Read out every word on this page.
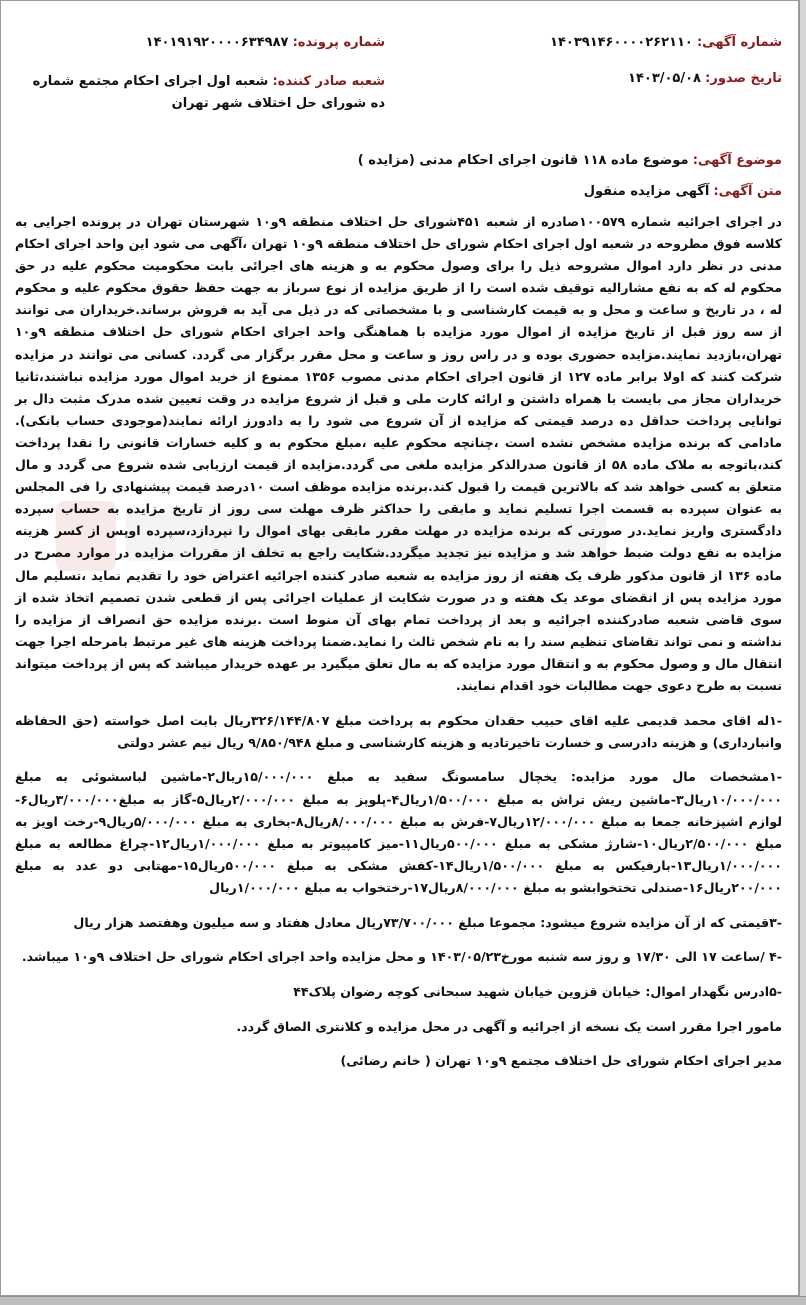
شماره آگهی: ۱۴۰۳۹۱۴۶۰۰۰۰۲۶۲۱۱۰
شماره پرونده: ۱۴۰۱۹۱۹۲۰۰۰۰۶۳۴۹۸۷
تاریخ صدور: ۱۴۰۳/۰۵/۰۸
شعبه صادر کننده: شعبه اول اجرای احکام مجتمع شماره ده شورای حل اختلاف شهر تهران
موضوع آگهی: موضوع ماده ۱۱۸ قانون اجرای احکام مدنی (مزایده )
متن آگهی: آگهی مزایده منقول

در اجرای اجرائیه شماره ۱۰۰۵۷۹صادره از شعبه ۴۵۱شورای حل اختلاف منطقه ۹و۱۰ شهرستان تهران در پرونده اجرایی به کلاسه فوق مطروحه در شعبه اول اجرای احکام شورای حل اختلاف منطقه ۹و۱۰ تهران ،آگهی می شود این واحد اجرای احکام مدنی در نظر دارد اموال مشروحه ذیل را برای وصول محکوم به و هزینه های اجرائی بابت محکومیت محکوم علیه در حق محکوم له که به نفع مشارالیه توقیف شده است را از طریق مزایده از نوع سرباز به جهت حفظ حقوق محکوم علیه و محکوم له ، در تاریخ و ساعت و محل و به قیمت کارشناسی و با مشخصاتی که در ذیل می آید به فروش برساند.خریداران می توانند از سه روز قبل از تاریخ مزایده از اموال مورد مزایده با هماهنگی واحد اجرای احکام شورای حل اختلاف منطقه ۹و۱۰ تهران،بازدید نمایند.مزایده حضوری بوده و در راس روز و ساعت و محل مقرر برگزار می گردد. کسانی می توانند در مزایده شرکت کنند که اولا برابر ماده ۱۲۷ از قانون اجرای احکام مدنی مصوب ۱۳۵۶ ممنوع از خرید اموال مورد مزایده نباشند،ثانیا خریداران مجاز می بایست با همراه داشتن و ارائه کارت ملی و قبل از شروع مزایده در وقت تعیین شده مدرک مثبت دال بر توانایی پرداخت حداقل ده درصد قیمتی که مزایده از آن شروع می شود را به دادورز ارائه نمایند(موجودی حساب بانکی). مادامی که برنده مزایده مشخص نشده است ،چنانچه محکوم علیه ،مبلغ محکوم به و کلیه خسارات قانونی را نقدا پرداخت کند،باتوجه به ملاک ماده ۵۸ از قانون صدرالذکر مزایده ملغی می گردد.مزایده از قیمت ارزیابی شده شروع می گردد و مال متعلق به کسی خواهد شد که بالاترین قیمت را قبول کند.برنده مزایده موظف است ۱۰درصد قیمت پیشنهادی را فی المجلس به عنوان سپرده به قسمت اجرا تسلیم نماید و مابقی را حداکثر ظرف مهلت سی روز از تاریخ مزایده به حساب سپرده دادگستری واریز نماید.در صورتی که برنده مزایده در مهلت مقرر مابقی بهای اموال را نپردازد،سپرده اوپس از کسر هزینه مزایده به نفع دولت ضبط خواهد شد و مزایده نیز تجدید میگردد.شکایت راجع به تخلف از مقررات مزایده در موارد مصرح در ماده ۱۳۶ از قانون مذکور ظرف یک هفته از روز مزایده به شعبه صادر کننده اجرائیه اعتراض خود را تقدیم نماید ،تسلیم مال مورد مزایده پس از انقضای موعد یک هفته و در صورت شکایت از عملیات اجرائی پس از قطعی شدن تصمیم اتخاذ شده از سوی قاضی شعبه صادرکننده اجرائیه و بعد از پرداخت تمام بهای آن منوط است .برنده مزایده حق انصراف از مزایده را نداشته و نمی تواند تقاضای تنظیم سند را به نام شخص ثالث را نماید.ضمنا پرداخت هزینه های غیر مرتبط بامرحله اجرا جهت انتقال مال و وصول محکوم به و انتقال مورد مزایده که به مال تعلق میگیرد بر عهده خریدار میباشد که پس از پرداخت میتواند نسبت به طرح دعوی جهت مطالبات خود اقدام نمایند.

-۱له اقای محمد قدیمی علیه اقای حبیب حقدان محکوم به پرداخت مبلغ ۳۲۶/۱۴۴/۸۰۷ریال بابت اصل خواسته (حق الحفاظه وانبارداری) و هزینه دادرسی و خسارت تاخیرتادیه و هزینه کارشناسی و مبلغ ۹/۸۵۰/۹۴۸ ریال نیم عشر دولتی

-۱مشخصات مال مورد مزایده: یخچال سامسونگ سفید به مبلغ ۱۵/۰۰۰/۰۰۰ریال۲-ماشین لباسشوئی به مبلغ ۱۰/۰۰۰/۰۰۰ریال۳-ماشین ریش تراش به مبلغ ۱/۵۰۰/۰۰۰ریال۴-پلوپز به مبلغ ۲/۰۰۰/۰۰۰ریال۵-گاز به مبلغ۳/۰۰۰/۰۰۰ریال۶-لوازم اشپزخانه جمعا به مبلغ ۱۲/۰۰۰/۰۰۰ریال۷-فرش به مبلغ ۸/۰۰۰/۰۰۰ریال۸-بخاری به مبلغ ۵/۰۰۰/۰۰۰ریال۹-رخت اویز به مبلغ ۲/۵۰۰/۰۰۰ریال۱۰-شارژ مشکی به مبلغ ۵۰۰/۰۰۰ریال۱۱-میز کامپیوتر به مبلغ ۱/۰۰۰/۰۰۰ریال۱۲-چراغ مطالعه به مبلغ ۱/۰۰۰/۰۰۰ریال۱۳-بارفیکس به مبلغ ۱/۵۰۰/۰۰۰ریال۱۴-کفش مشکی به مبلغ ۵۰۰/۰۰۰ریال۱۵-مهتابی دو عدد به مبلغ ۲۰۰/۰۰۰ریال۱۶-صندلی تختخوابشو به مبلغ ۸/۰۰۰/۰۰۰ریال۱۷-رختخواب به مبلغ ۱/۰۰۰/۰۰۰ریال

-۳قیمتی که از آن مزایده شروع میشود: مجموعا مبلغ ۷۳/۷۰۰/۰۰۰ریال معادل هفتاد و سه میلیون وهفتصد هزار ریال

-۴ /ساعت ۱۷ الی ۱۷/۳۰ و روز سه شنبه مورخ۱۴۰۳/۰۵/۲۳ و محل مزایده واحد اجرای احکام شورای حل اختلاف ۹و۱۰ میباشد.

-۵ادرس نگهدار اموال: خیابان قزوین خیابان شهید سبحانی کوچه رضوان پلاک۴۴

مامور اجرا مقرر است یک نسخه از اجرائیه و آگهی در محل مزایده و کلانتری الصاق گردد.

مدیر اجرای احکام شورای حل اختلاف مجتمع ۹و۱۰ تهران ( خانم رضائی)
